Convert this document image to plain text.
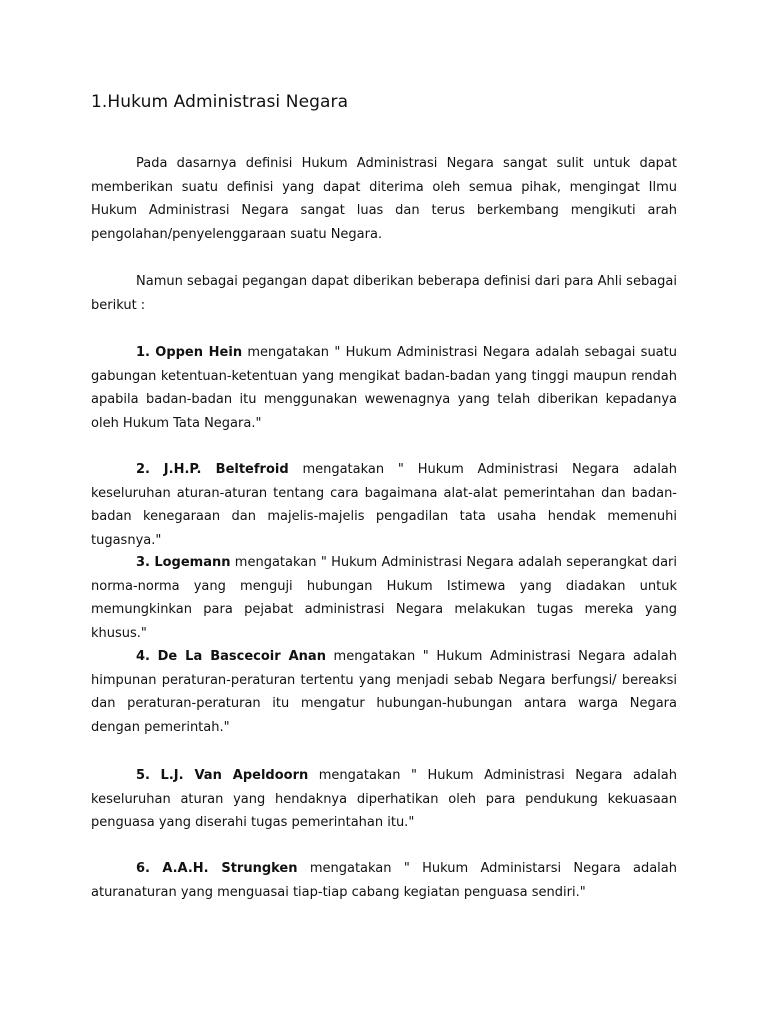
1.Hukum Administrasi Negara

Pada dasarnya definisi Hukum Administrasi Negara sangat sulit untuk dapat memberikan suatu definisi yang dapat diterima oleh semua pihak, mengingat Ilmu Hukum Administrasi Negara sangat luas dan terus berkembang mengikuti arah pengolahan/penyelenggaraan suatu Negara.

Namun sebagai pegangan dapat diberikan beberapa definisi dari para Ahli sebagai berikut :

1. Oppen Hein mengatakan " Hukum Administrasi Negara adalah sebagai suatu gabungan ketentuan-ketentuan yang mengikat badan-badan yang tinggi maupun rendah apabila badan-badan itu menggunakan wewenagnya yang telah diberikan kepadanya oleh Hukum Tata Negara."

2. J.H.P. Beltefroid mengatakan " Hukum Administrasi Negara adalah keseluruhan aturan-aturan tentang cara bagaimana alat-alat pemerintahan dan badan-badan kenegaraan dan majelis-majelis pengadilan tata usaha hendak memenuhi tugasnya."

3. Logemann mengatakan " Hukum Administrasi Negara adalah seperangkat dari norma-norma yang menguji hubungan Hukum Istimewa yang diadakan untuk memungkinkan para pejabat administrasi Negara melakukan tugas mereka yang khusus."

4. De La Bascecoir Anan mengatakan " Hukum Administrasi Negara adalah himpunan peraturan-peraturan tertentu yang menjadi sebab Negara berfungsi/ bereaksi dan peraturan-peraturan itu mengatur hubungan-hubungan antara warga Negara dengan pemerintah."

5. L.J. Van Apeldoorn mengatakan " Hukum Administrasi Negara adalah keseluruhan aturan yang hendaknya diperhatikan oleh para pendukung kekuasaan penguasa yang diserahi tugas pemerintahan itu."

6. A.A.H. Strungken mengatakan " Hukum Administarsi Negara adalah aturanaturan yang menguasai tiap-tiap cabang kegiatan penguasa sendiri."
